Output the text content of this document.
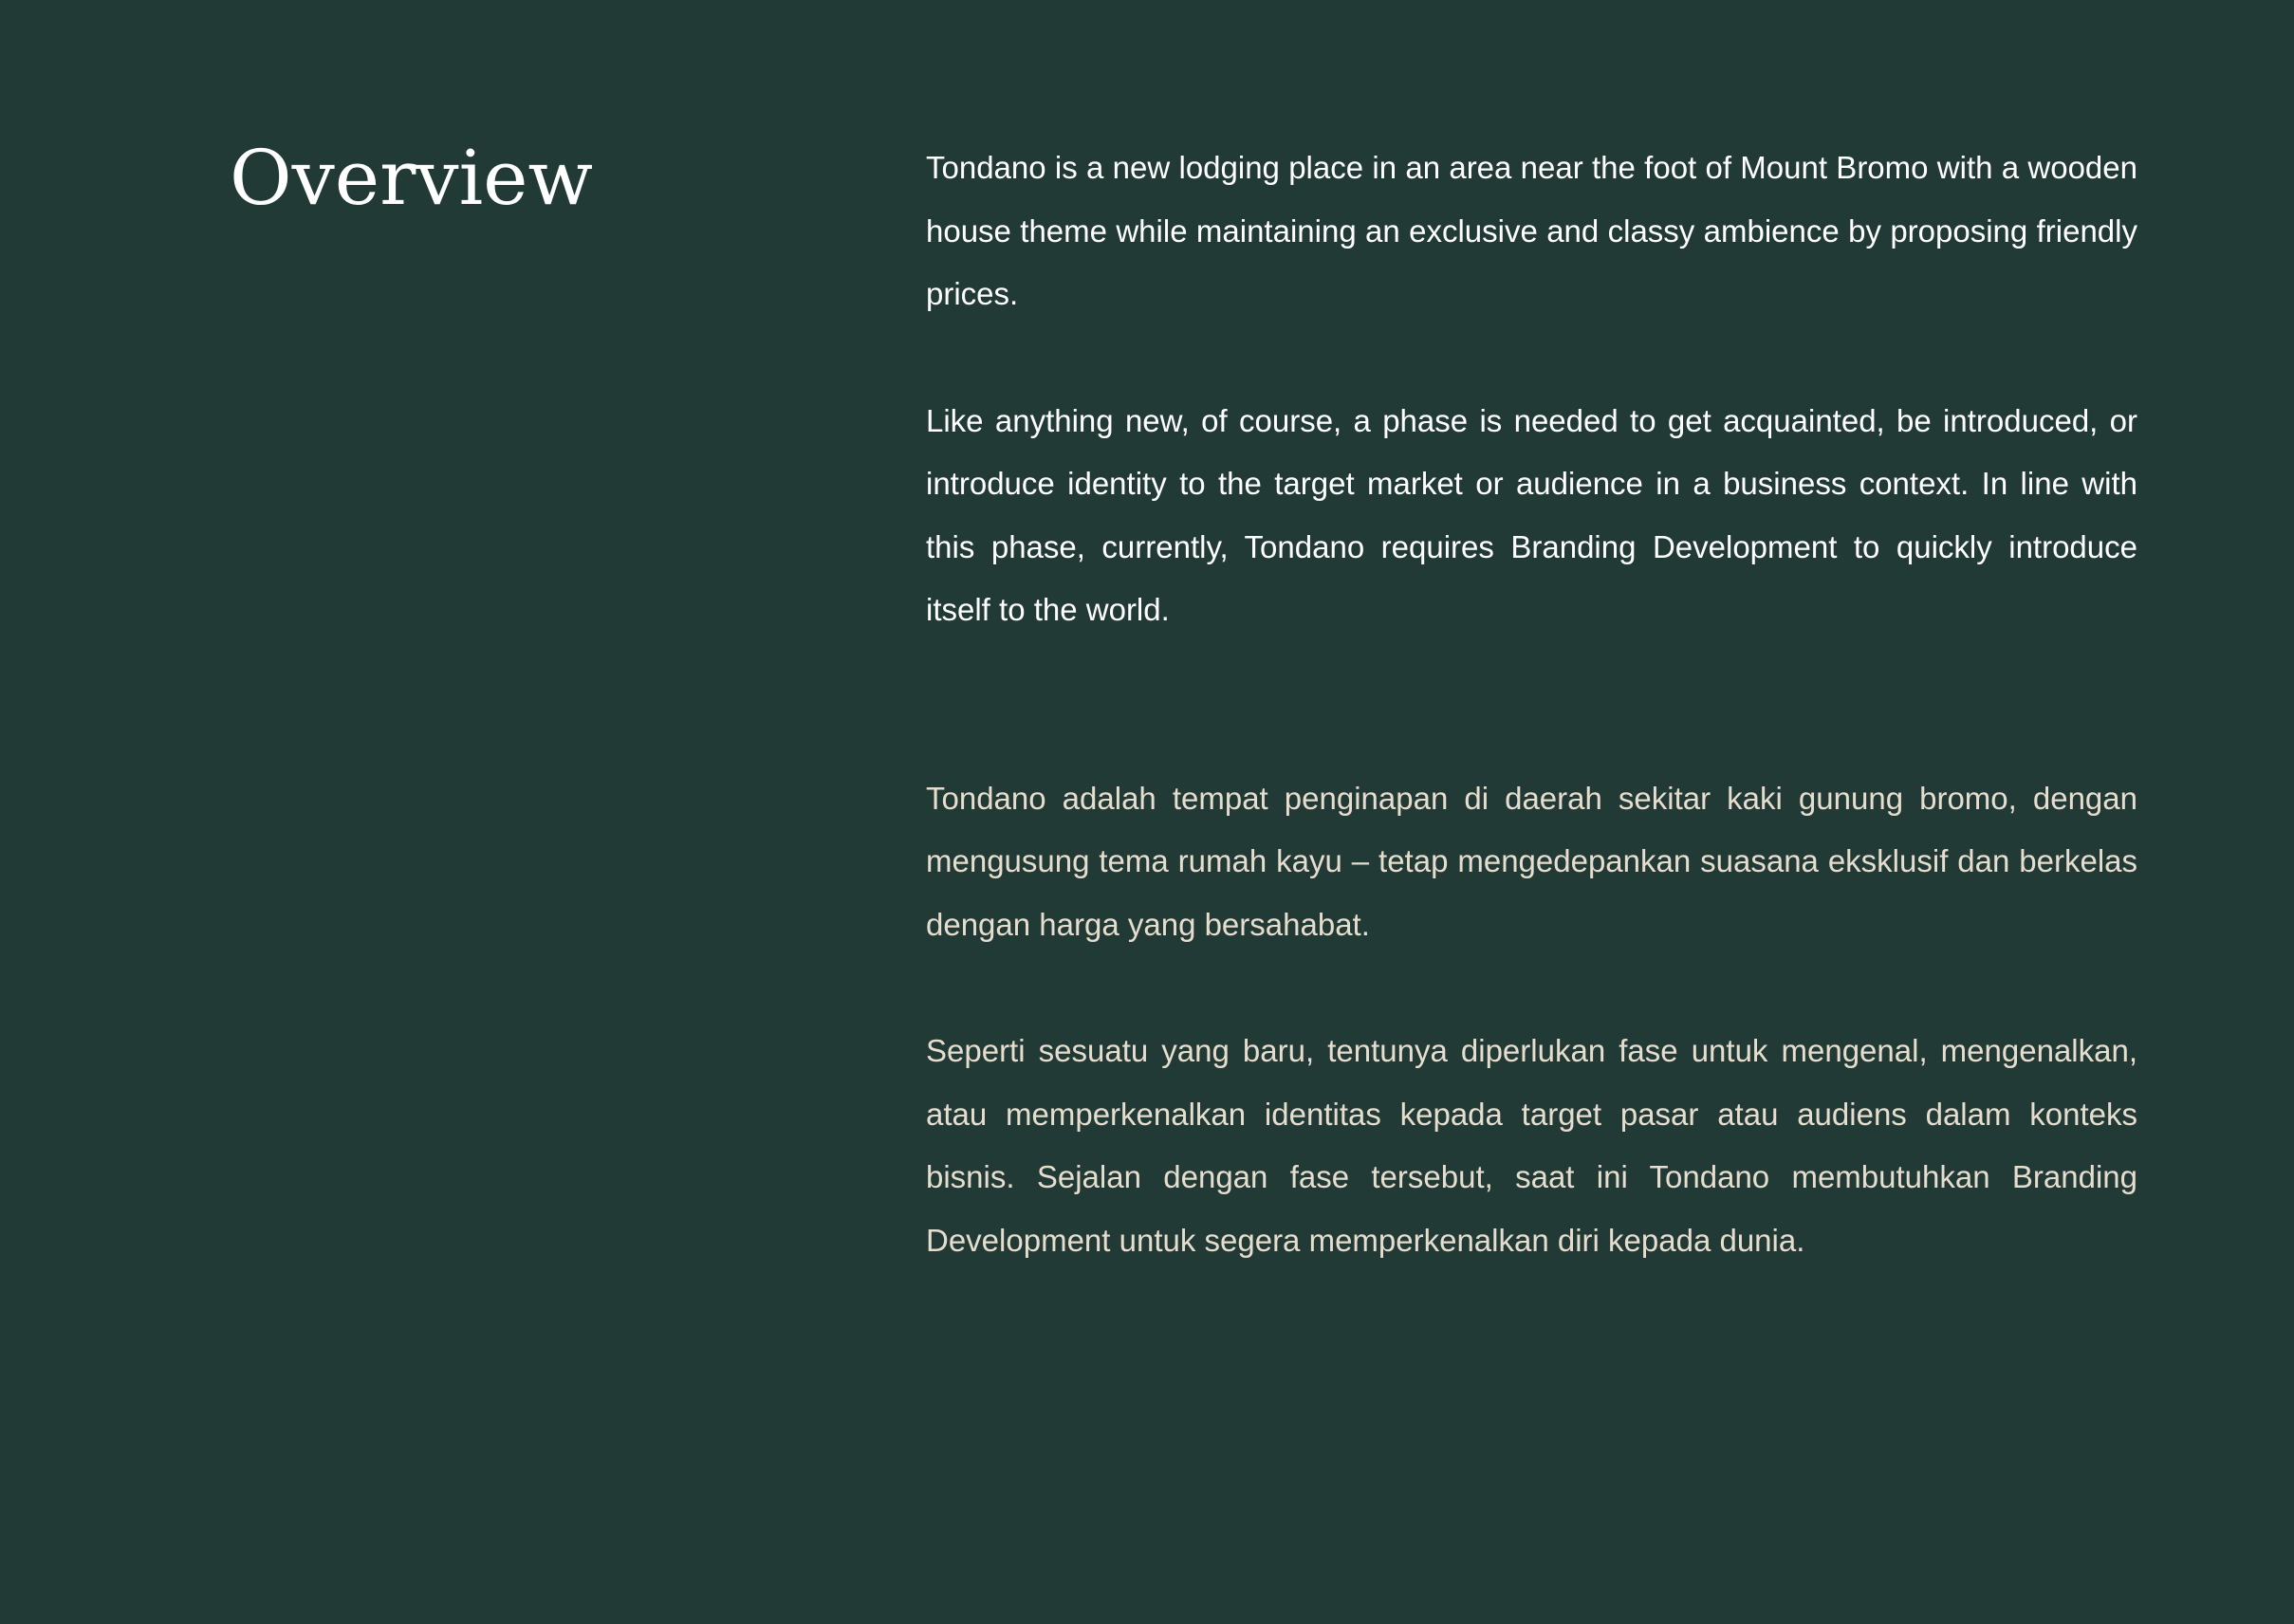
Overview	Tondano is a new lodging place in an area near the foot of Mount Bromo with a wooden house theme while maintaining an exclusive and classy ambience by proposing friendly prices.

Like anything new, of course, a phase is needed to get acquainted, be introduced, or introduce identity to the target market or audience in a business context. In line with this phase, currently, Tondano requires Branding Development to quickly introduce itself to the world.

Tondano adalah tempat penginapan di daerah sekitar kaki gunung bromo, dengan mengusung tema rumah kayu – tetap mengedepankan suasana eksklusif dan berkelas dengan harga yang bersahabat.

Seperti sesuatu yang baru, tentunya diperlukan fase untuk mengenal, mengenalkan, atau memperkenalkan identitas kepada target pasar atau audiens dalam konteks bisnis. Sejalan dengan fase tersebut, saat ini Tondano membutuhkan Branding Development untuk segera memperkenalkan diri kepada dunia.
